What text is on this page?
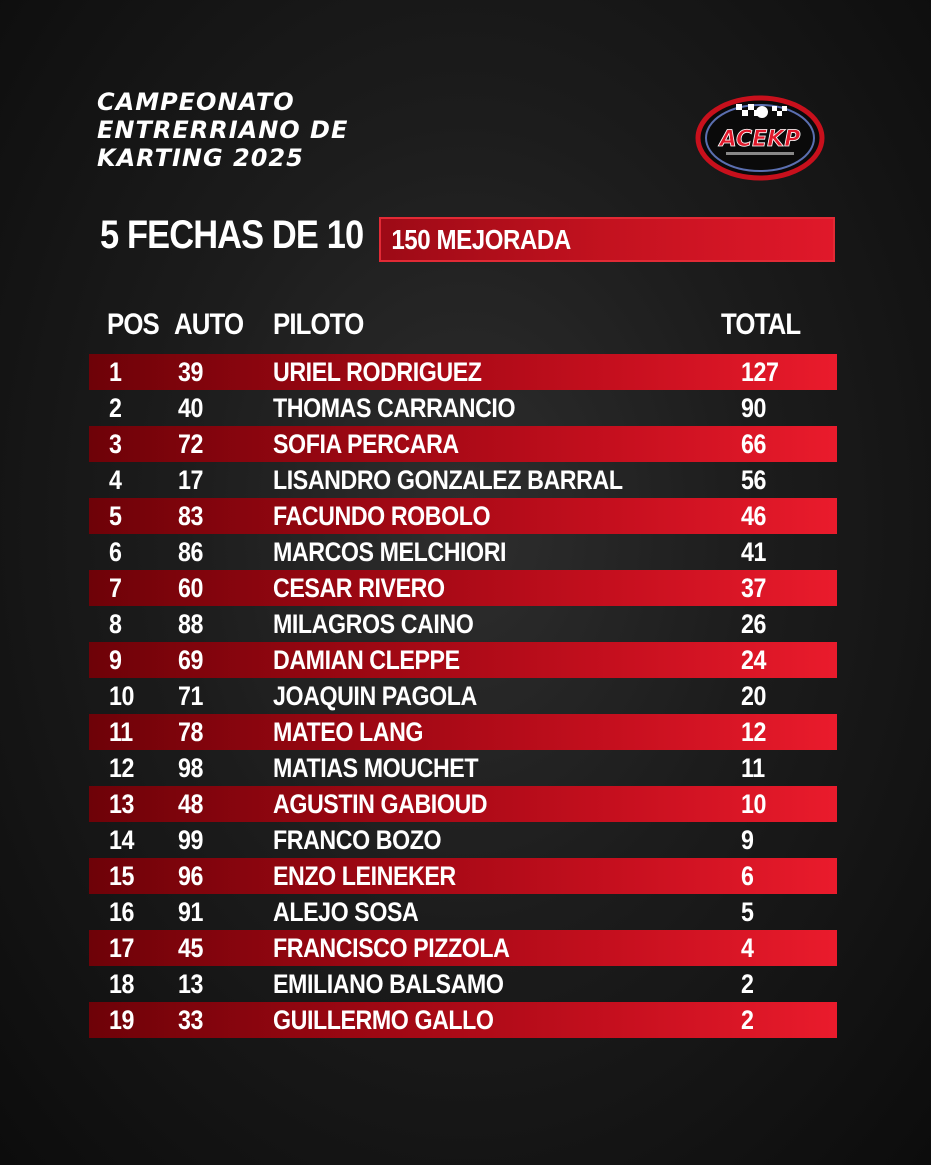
CAMPEONATO
ENTRERRIANO DE
KARTING 2025
ACEKP
5 FECHAS DE 10	150 MEJORADA
POS AUTO PILOTO	TOTAL
1 39	URIEL RODRIGUEZ	127
2 40	THOMAS CARRANCIO	90
3 72	SOFIA PERCARA	66
4 17	LISANDRO GONZALEZ BARRAL	56
5 83	FACUNDO ROBOLO	46
6 86	MARCOS MELCHIORI	41
7 60	CESAR RIVERO	37
8 88	MILAGROS CAINO	26
9 69	DAMIAN CLEPPE	24
10 71	JOAQUIN PAGOLA	20
11 78	MATEO LANG	12
12 98	MATIAS MOUCHET	11
13 48	AGUSTIN GABIOUD	10
14 99	FRANCO BOZO	9
15 96	ENZO LEINEKER	6
16 91	ALEJO SOSA	5
17 45	FRANCISCO PIZZOLA	4
18 13	EMILIANO BALSAMO	2
19 33	GUILLERMO GALLO	2
